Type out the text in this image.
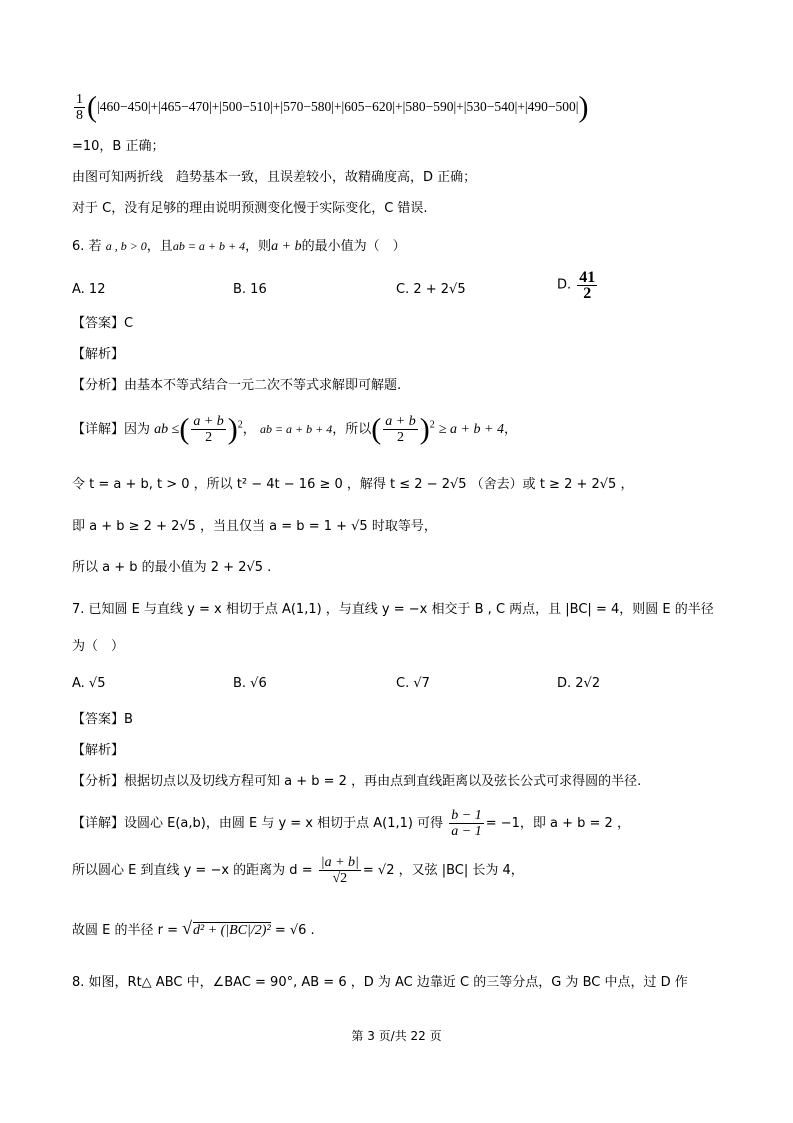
$\frac{1}{8} (|460-450|+|465-470|+|500-510|+|570-580|+|605-620|+|580-590|+|530-540|+|490-500|)$
=10，B 正确；
由图可知两折线　趋势基本一致，且误差较小，故精确度高，D 正确；
对于 C，没有足够的理由说明预测变化慢于实际变化，C 错误.
6. 若 a , b > 0，且ab = a + b + 4，则a + b的最小值为（　）
A. 12	B. 16	C. 2 + 2√5	D. $\frac{41}{2}$
【答案】C
【解析】
【分析】由基本不等式结合一元二次不等式求解即可解题.
【详解】因为 ab ≤( $\frac{a + b}{2} )^2$， ab = a + b + 4，所以( $\frac{a + b}{2} )^2 \ge a + b + 4$，
令 t = a + b, t > 0 ，所以 t² − 4t − 16 ≥ 0 ，解得 t ≤ 2 − 2√5 （舍去）或 t ≥ 2 + 2√5 ，
即 a + b ≥ 2 + 2√5 ，当且仅当 a = b = 1 + √5 时取等号，
所以 a + b 的最小值为 2 + 2√5 .
7. 已知圆 E 与直线 y = x 相切于点 A(1,1) ，与直线 y = −x 相交于 B , C 两点，且 |BC| = 4，则圆 E 的半径
为（　）
A. √5	B. √6	C. √7	D. 2√2
【答案】B
【解析】
【分析】根据切点以及切线方程可知 a + b = 2 ，再由点到直线距离以及弦长公式可求得圆的半径.
【详解】设圆心 E(a,b)，由圆 E 与 y = x 相切于点 A(1,1) 可得 $\frac{b - 1}{a - 1} = -1$，即 a + b = 2 ，
所以圆心 E 到直线 y = −x 的距离为 $d = \frac{|a + b|}{√2} = √2$ ，又弦 |BC| 长为 4，
故圆 E 的半径 r = √d² + (|BC|/2)² = √6 .
8. 如图，Rt△ ABC 中，∠BAC = 90°, AB = 6 ，D 为 AC 边靠近 C 的三等分点，G 为 BC 中点，过 D 作
第 3 页/共 22 页
